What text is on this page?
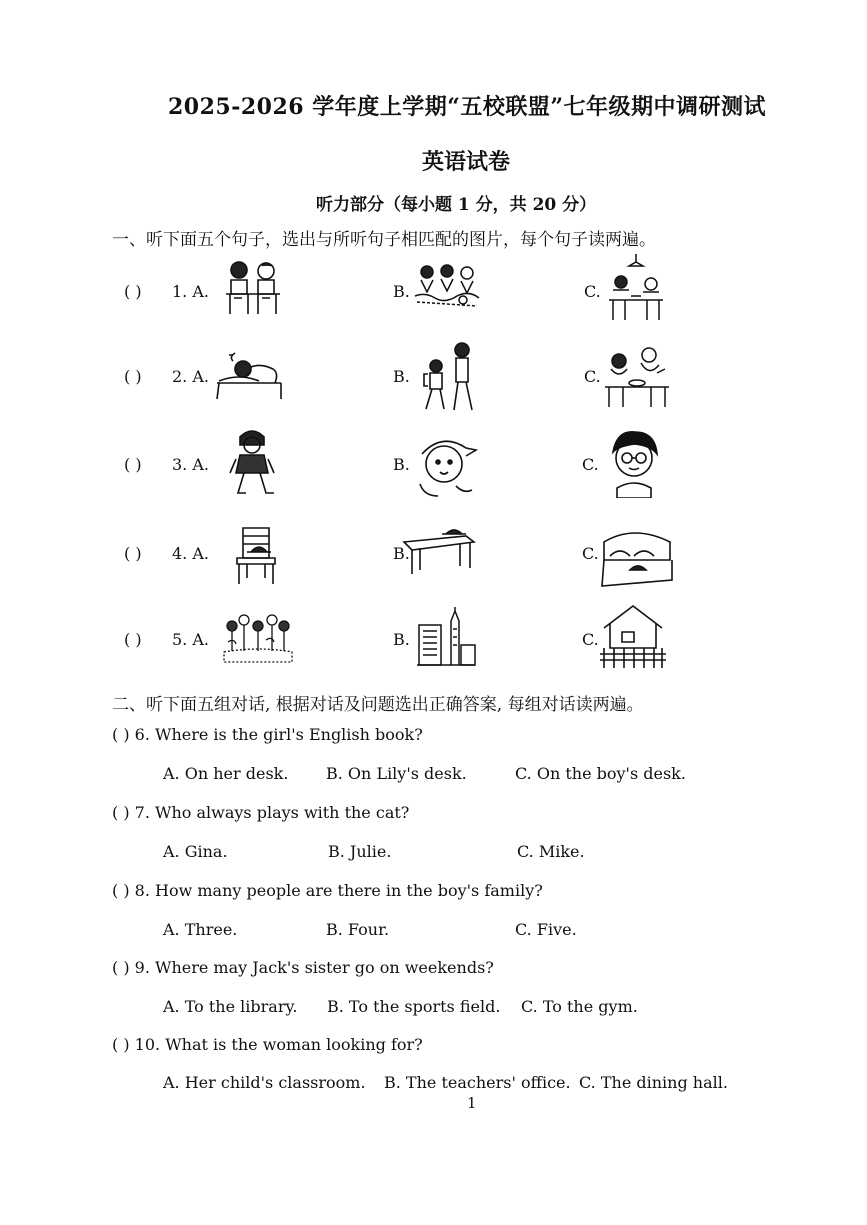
2025-2026 学年度上学期“五校联盟”七年级期中调研测试
英语试卷
听力部分（每小题 1 分，共 20 分）
一、听下面五个句子，选出与所听句子相匹配的图片，每个句子读两遍。
( ) 1. A.	B.	C.
( ) 2. A.	B.	C.
( ) 3. A.	B.	C.
( ) 4. A.	B.	C.
( ) 5. A.	B.	C.
二、听下面五组对话, 根据对话及问题选出正确答案, 每组对话读两遍。
( ) 6. Where is the girl's English book?
A. On her desk. B. On Lily's desk.	C. On the boy's desk.
( ) 7. Who always plays with the cat?
A. Gina.	B. Julie.	C. Mike.
( ) 8. How many people are there in the boy's family?
A. Three.	B. Four.	C. Five.
( ) 9. Where may Jack's sister go on weekends?
A. To the library. B. To the sports field. C. To the gym.
( ) 10. What is the woman looking for?
A. Her child's classroom. B. The teachers' office. C. The dining hall.
1
